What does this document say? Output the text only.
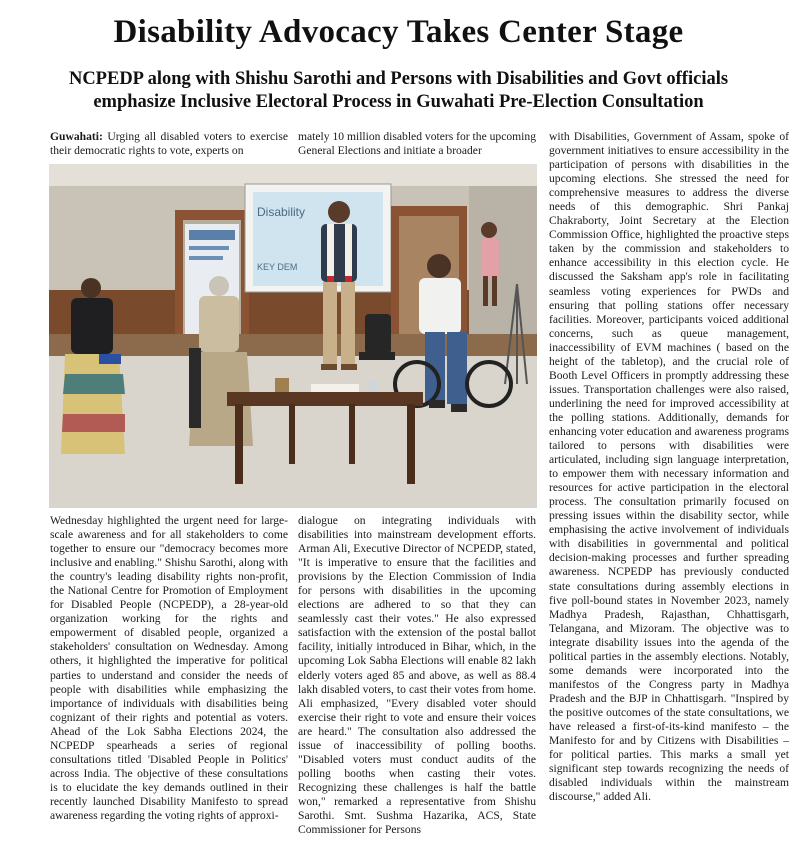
Disability Advocacy Takes Center Stage
NCPEDP along with Shishu Sarothi and Persons with Disabilities and Govt officials emphasize Inclusive Electoral Process in Guwahati Pre-Election Consultation
Guwahati: Urging all disabled voters to exercise their democratic rights to vote, experts on
mately 10 million disabled voters for the upcoming General Elections and initiate a broader
with Disabilities, Government of Assam, spoke of government initiatives to ensure accessibility in the participation of persons with disabilities in the upcoming elections. She stressed the need for comprehensive measures to address the diverse needs of this demographic. Shri Pankaj Chakraborty, Joint Secretary at the Election Commission Office, highlighted the proactive steps taken by the commission and stakeholders to enhance accessibility in this election cycle. He discussed the Saksham app's role in facilitating seamless voting experiences for PWDs and ensuring that polling stations offer necessary facilities. Moreover, participants voiced additional concerns, such as queue management, inaccessibility of EVM machines ( based on the height of the tabletop), and the crucial role of Booth Level Officers in promptly addressing these issues. Transportation challenges were also raised, underlining the need for improved accessibility at the polling stations. Additionally, demands for enhancing voter education and awareness programs tailored to persons with disabilities were articulated, including sign language interpretation, to empower them with necessary information and resources for active participation in the electoral process. The consultation primarily focused on pressing issues within the disability sector, while emphasising the active involvement of individuals with disabilities in governmental and political decision-making processes and further spreading awareness. NCPEDP has previously conducted state consultations during assembly elections in five poll-bound states in November 2023, namely Madhya Pradesh, Rajasthan, Chhattisgarh, Telangana, and Mizoram. The objective was to integrate disability issues into the agenda of the political parties in the assembly elections. Notably, some demands were incorporated into the manifestos of the Congress party in Madhya Pradesh and the BJP in Chhattisgarh. "Inspired by the positive outcomes of the state consultations, we have released a first-of-its-kind manifesto – the Manifesto for and by Citizens with Disabilities – for political parties. This marks a small yet significant step towards recognizing the needs of disabled individuals within the mainstream discourse," added Ali.
Disability
KEY DEM
Wednesday highlighted the urgent need for large-scale awareness and for all stakeholders to come together to ensure our "democracy becomes more inclusive and enabling." Shishu Sarothi, along with the country's leading disability rights non-profit, the National Centre for Promotion of Employment for Disabled People (NCPEDP), a 28-year-old organization working for the rights and empowerment of disabled people, organized a stakeholders' consultation on Wednesday. Among others, it highlighted the imperative for political parties to understand and consider the needs of people with disabilities while emphasizing the importance of individuals with disabilities being cognizant of their rights and potential as voters. Ahead of the Lok Sabha Elections 2024, the NCPEDP spearheads a series of regional consultations titled 'Disabled People in Politics' across India. The objective of these consultations is to elucidate the key demands outlined in their recently launched Disability Manifesto to spread awareness regarding the voting rights of approxi-
dialogue on integrating individuals with disabilities into mainstream development efforts. Arman Ali, Executive Director of NCPEDP, stated, "It is imperative to ensure that the facilities and provisions by the Election Commission of India for persons with disabilities in the upcoming elections are adhered to so that they can seamlessly cast their votes." He also expressed satisfaction with the extension of the postal ballot facility, initially introduced in Bihar, which, in the upcoming Lok Sabha Elections will enable 82 lakh elderly voters aged 85 and above, as well as 88.4 lakh disabled voters, to cast their votes from home. Ali emphasized, "Every disabled voter should exercise their right to vote and ensure their voices are heard." The consultation also addressed the issue of inaccessibility of polling booths. "Disabled voters must conduct audits of the polling booths when casting their votes. Recognizing these challenges is half the battle won," remarked a representative from Shishu Sarothi. Smt. Sushma Hazarika, ACS, State Commissioner for Persons
